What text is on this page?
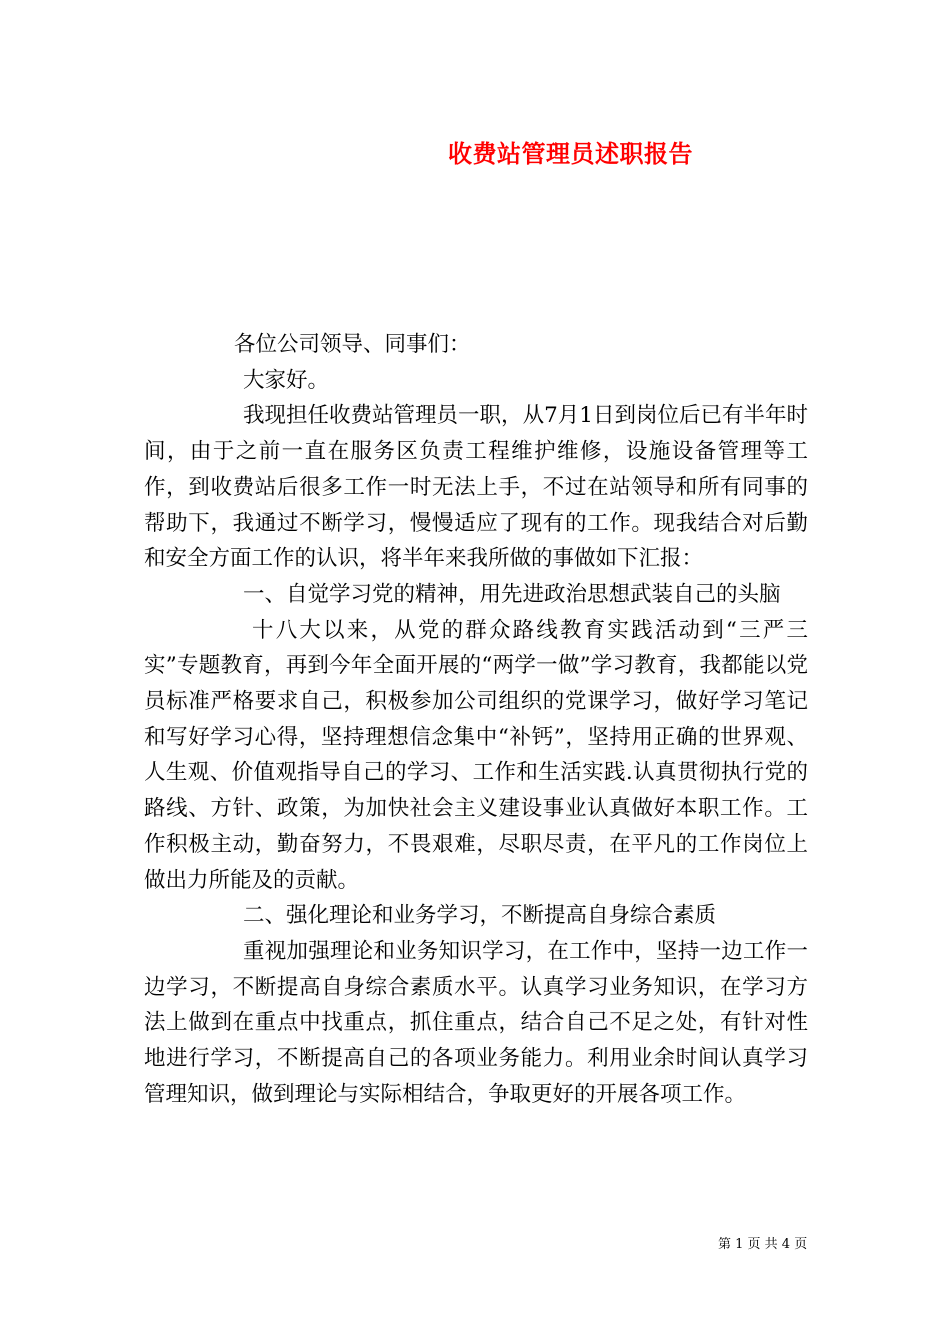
收费站管理员述职报告

各位公司领导、同事们：

大家好。

我现担任收费站管理员一职，从7月1日到岗位后已有半年时间，由于之前一直在服务区负责工程维护维修，设施设备管理等工作，到收费站后很多工作一时无法上手，不过在站领导和所有同事的帮助下，我通过不断学习，慢慢适应了现有的工作。现我结合对后勤和安全方面工作的认识，将半年来我所做的事做如下汇报：

一、自觉学习党的精神，用先进政治思想武装自己的头脑

十八大以来，从党的群众路线教育实践活动到“三严三实”专题教育，再到今年全面开展的“两学一做”学习教育，我都能以党员标准严格要求自己，积极参加公司组织的党课学习，做好学习笔记和写好学习心得，坚持理想信念集中“补钙”，坚持用正确的世界观、人生观、价值观指导自己的学习、工作和生活实践.认真贯彻执行党的路线、方针、政策，为加快社会主义建设事业认真做好本职工作。工作积极主动，勤奋努力，不畏艰难，尽职尽责，在平凡的工作岗位上做出力所能及的贡献。

二、强化理论和业务学习，不断提高自身综合素质

重视加强理论和业务知识学习，在工作中，坚持一边工作一边学习，不断提高自身综合素质水平。认真学习业务知识，在学习方法上做到在重点中找重点，抓住重点，结合自己不足之处，有针对性地进行学习，不断提高自己的各项业务能力。利用业余时间认真学习管理知识，做到理论与实际相结合，争取更好的开展各项工作。

第 1 页 共 4 页
